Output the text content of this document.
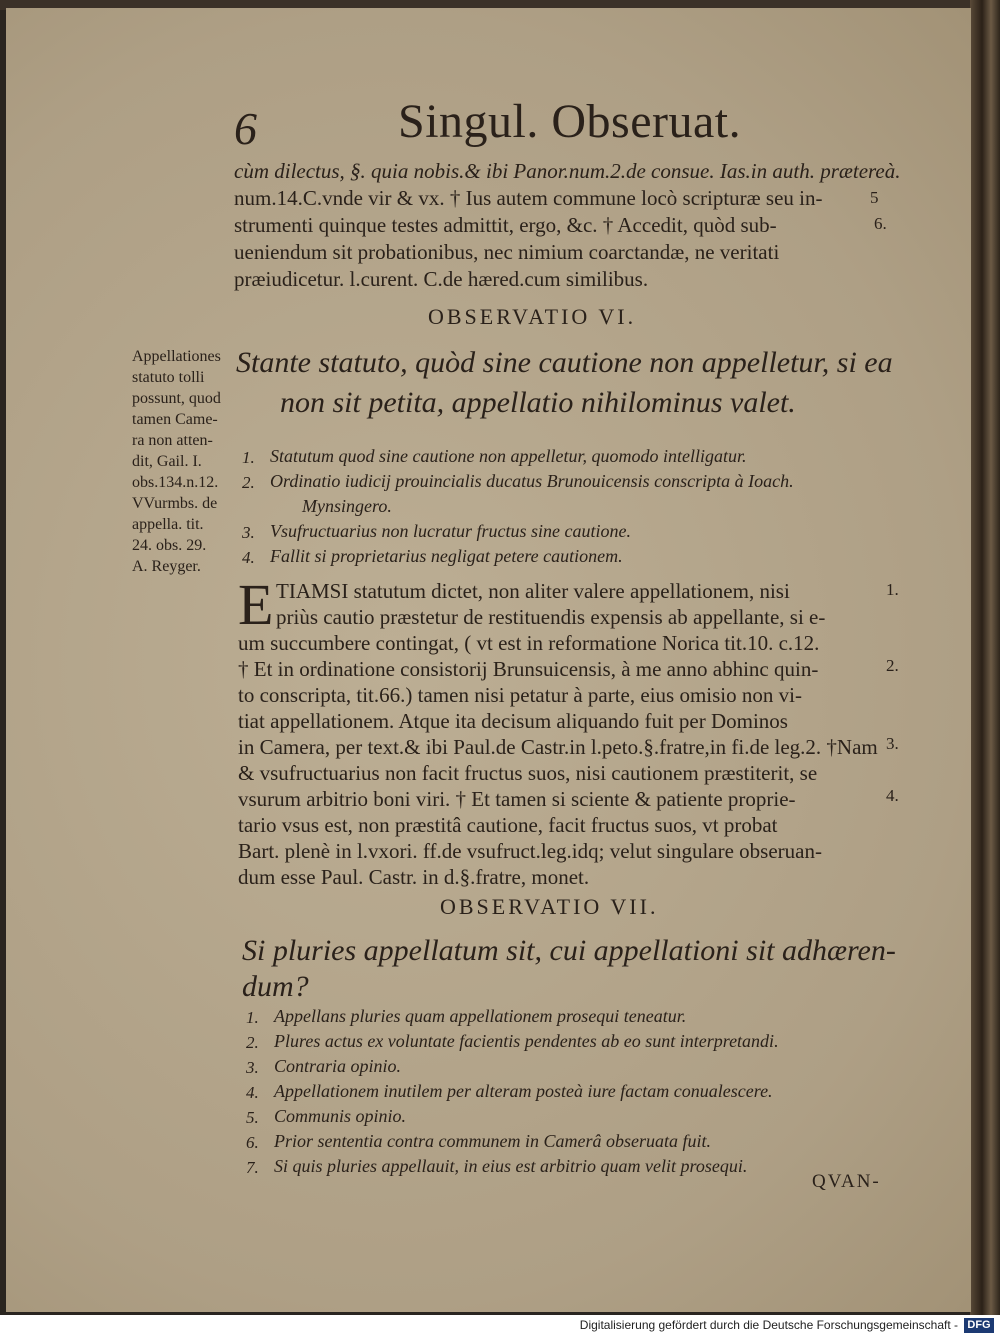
6	Singul. Obseruat.
cùm dilectus, §. quia nobis.& ibi Panor.num.2.de consue. Ias.in auth. prætereà.
num.14.C.vnde vir & vx. † Ius autem commune locò scripturæ seu in-
strumenti quinque testes admittit, ergo, &c. † Accedit, quòd sub-
ueniendum sit probationibus, nec nimium coarctandæ, ne veritati
præiudicetur. l.curent. C.de hæred.cum similibus.
5
6.
OBSERVATIO VI.
Stante statuto, quòd sine cautione non appelletur, si ea
non sit petita, appellatio nihilominus valet.
Appellationes
statuto tolli
possunt, quod
tamen Came-
ra non atten-
dit, Gail. I.
obs.134.n.12.
VVurmbs. de
appella. tit.
24. obs. 29.
A. Reyger.
1. Statutum quod sine cautione non appelletur, quomodo intelligatur.
2. Ordinatio iudicij prouincialis ducatus Brunouicensis conscripta à Ioach.
Mynsingero.
3. Vsufructuarius non lucratur fructus sine cautione.
4. Fallit si proprietarius negligat petere cautionem.
E TIAMSI statutum dictet, non aliter valere appellationem, nisi
priùs cautio præstetur de restituendis expensis ab appellante, si e-
um succumbere contingat, ( vt est in reformatione Norica tit.10. c.12.
† Et in ordinatione consistorij Brunsuicensis, à me anno abhinc quin-
to conscripta, tit.66.) tamen nisi petatur à parte, eius omisio non vi-
tiat appellationem. Atque ita decisum aliquando fuit per Dominos
in Camera, per text.& ibi Paul.de Castr.in l.peto.§.fratre,in fi.de leg.2. †Nam
& vsufructuarius non facit fructus suos, nisi cautionem præstiterit, se
vsurum arbitrio boni viri. † Et tamen si sciente & patiente proprie-
tario vsus est, non præstitâ cautione, facit fructus suos, vt probat
Bart. plenè in l.vxori. ff.de vsufruct.leg.idq; velut singulare obseruan-
dum esse Paul. Castr. in d.§.fratre, monet.
1.
2.
3.
4.
OBSERVATIO VII.
Si pluries appellatum sit, cui appellationi sit adhæren-
dum?
1. Appellans pluries quam appellationem prosequi teneatur.
2. Plures actus ex voluntate facientis pendentes ab eo sunt interpretandi.
3. Contraria opinio.
4. Appellationem inutilem per alteram posteà iure factam conualescere.
5. Communis opinio.
6. Prior sententia contra communem in Camerâ obseruata fuit.
7. Si quis pluries appellauit, in eius est arbitrio quam velit prosequi.
QVAN-
Digitalisierung gefördert durch die Deutsche Forschungsgemeinschaft - DFG
